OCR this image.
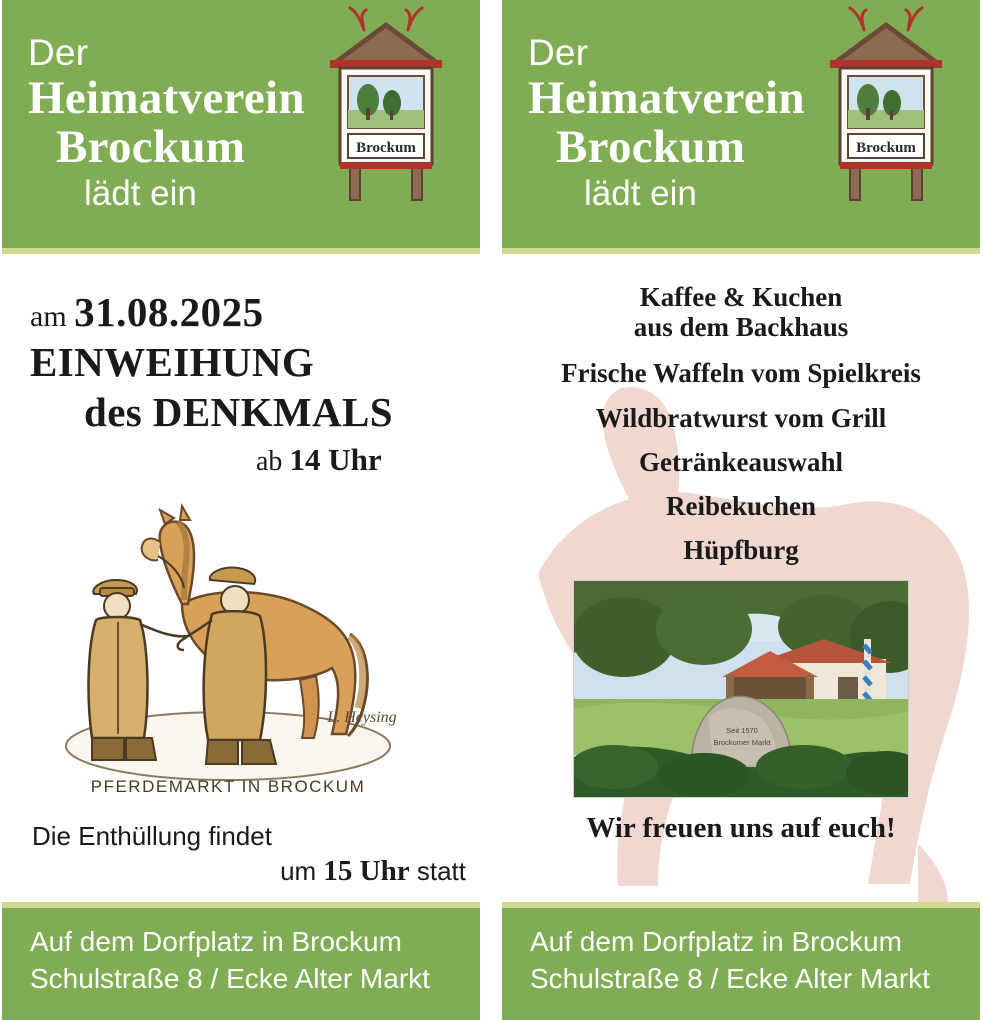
Der
Heimatverein
Brockum
lädt ein
Brockum
am 31.08.2025
EINWEIHUNG
des DENKMALS
ab 14 Uhr
L. Heysing
PFERDEMARKT IN BROCKUM
Die Enthüllung findet
um 15 Uhr statt
Auf dem Dorfplatz in Brockum
Schulstraße 8 / Ecke Alter Markt
Der
Heimatverein
Brockum
lädt ein
Brockum
Kaffee & Kuchen
aus dem Backhaus
Frische Waffeln vom Spielkreis
Wildbratwurst vom Grill
Getränkeauswahl
Reibekuchen
Hüpfburg
Seit 1570
Brockumer Markt
Wir freuen uns auf euch!
Auf dem Dorfplatz in Brockum
Schulstraße 8 / Ecke Alter Markt
